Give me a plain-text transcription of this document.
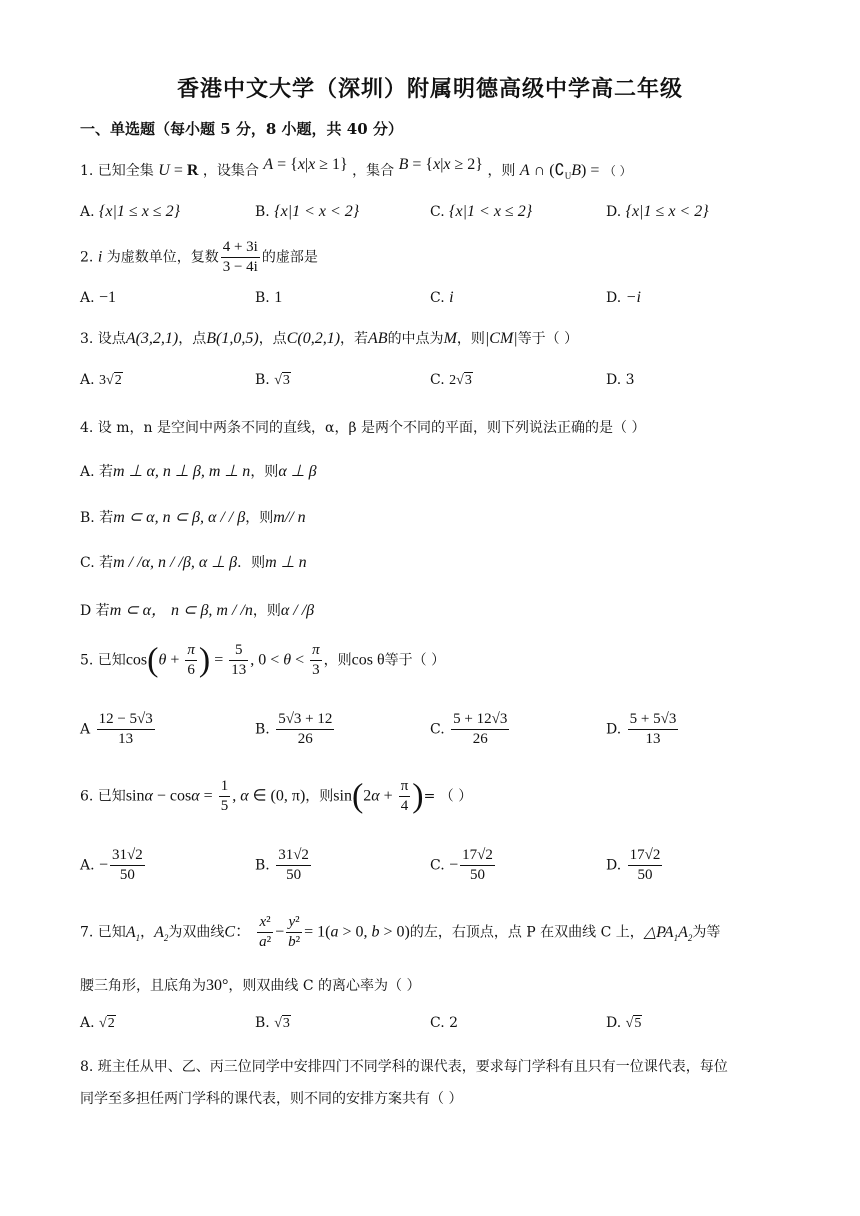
香港中文大学（深圳）附属明德高级中学高二年级
一、单选题（每小题 5 分，8 小题，共 40 分）
1. 已知全集 U = R ，设集合 A = {x|x ≥ 1} ，集合 B = {x|x ≥ 2} ，则 A ∩ $(∁_UB)$ = （ ）
A. {x|1 ≤ x ≤ 2}	B. {x|1 < x < 2}	C. {x|1 < x ≤ 2}	D. {x|1 ≤ x < 2}
2. i 为虚数单位，复数 $\frac{4 + 3i}{3 - 4i}$ 的虚部是
A. −1	B. 1	C. i	D. −i
3. 设点A(3,2,1)，点B(1,0,5)，点C(0,2,1)，若AB的中点为M，则|CM|等于（ ）
A. 3√2	B. √3	C. 2√3	D. 3
4. 设 m，n 是空间中两条不同的直线，α，β 是两个不同的平面，则下列说法正确的是（ ）
A. 若m ⊥ α, n ⊥ β, m ⊥ n，则α ⊥ β
B. 若m ⊂ α, n ⊂ β, α / / β，则m// n
C. 若m / /α, n / /β, α ⊥ β．则m ⊥ n
D 若m ⊂ α， n ⊂ β, m / /n，则α / /β
5. 已知$\cos(\theta + \frac{\pi}{6}$ ) = $\frac{5}{13}$ , $0 < \theta < \frac{\pi}{3}$ ，则cos θ等于（ ）
A $\frac{12 - 5√3}{13}$	B. $\frac{5√3 + 12}{26}$	C. $\frac{5 + 12√3}{26}$	D. $\frac{5 + 5√3}{13}$
6. 已知$\sin\alpha - \cos\alpha = \frac{1}{5}$ , α ∈ (0, π)，则$\sin(2\alpha + \frac{\pi}{4}$ )= （ ）
A. − $\frac{31√2}{50}$	B. $\frac{31√2}{50}$	C. − $\frac{17√2}{50}$	D. $\frac{17√2}{50}$
7. 已知$A_1$，$A_2$为双曲线C： $\frac{\text{x²}}{\text{a²}} - \frac{\text{y²}}{\text{b²}} = 1(a > 0$, b > 0)的左，右顶点，点 P 在双曲线 C 上，$\triangle PA_1A_2$为等
腰三角形，且底角为30°，则双曲线 C 的离心率为（ ）
A. √2	B. √3	C. 2	D. √5
8. 班主任从甲、乙、丙三位同学中安排四门不同学科的课代表，要求每门学科有且只有一位课代表，每位
同学至多担任两门学科的课代表，则不同的安排方案共有（ ）
